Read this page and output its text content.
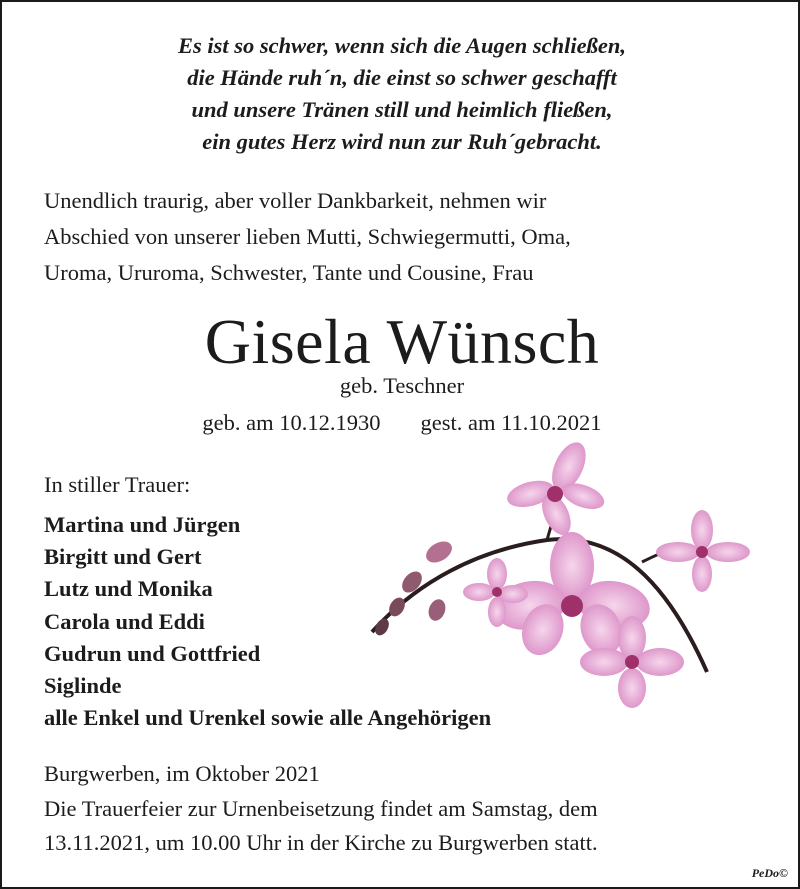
Es ist so schwer, wenn sich die Augen schließen,
die Hände ruh´n, die einst so schwer geschafft
und unsere Tränen still und heimlich fließen,
ein gutes Herz wird nun zur Ruh´gebracht.
Unendlich traurig, aber voller Dankbarkeit, nehmen wir
Abschied von unserer lieben Mutti, Schwiegermutti, Oma,
Uroma, Ururoma, Schwester, Tante und Cousine, Frau
Gisela Wünsch
geb. Teschner
geb. am 10.12.1930 gest. am 11.10.2021
In stiller Trauer:
Martina und Jürgen
Birgitt und Gert
Lutz und Monika
Carola und Eddi
Gudrun und Gottfried
Siglinde
alle Enkel und Urenkel sowie alle Angehörigen
Burgwerben, im Oktober 2021
Die Trauerfeier zur Urnenbeisetzung findet am Samstag, dem
13.11.2021, um 10.00 Uhr in der Kirche zu Burgwerben statt.
PeDo©
